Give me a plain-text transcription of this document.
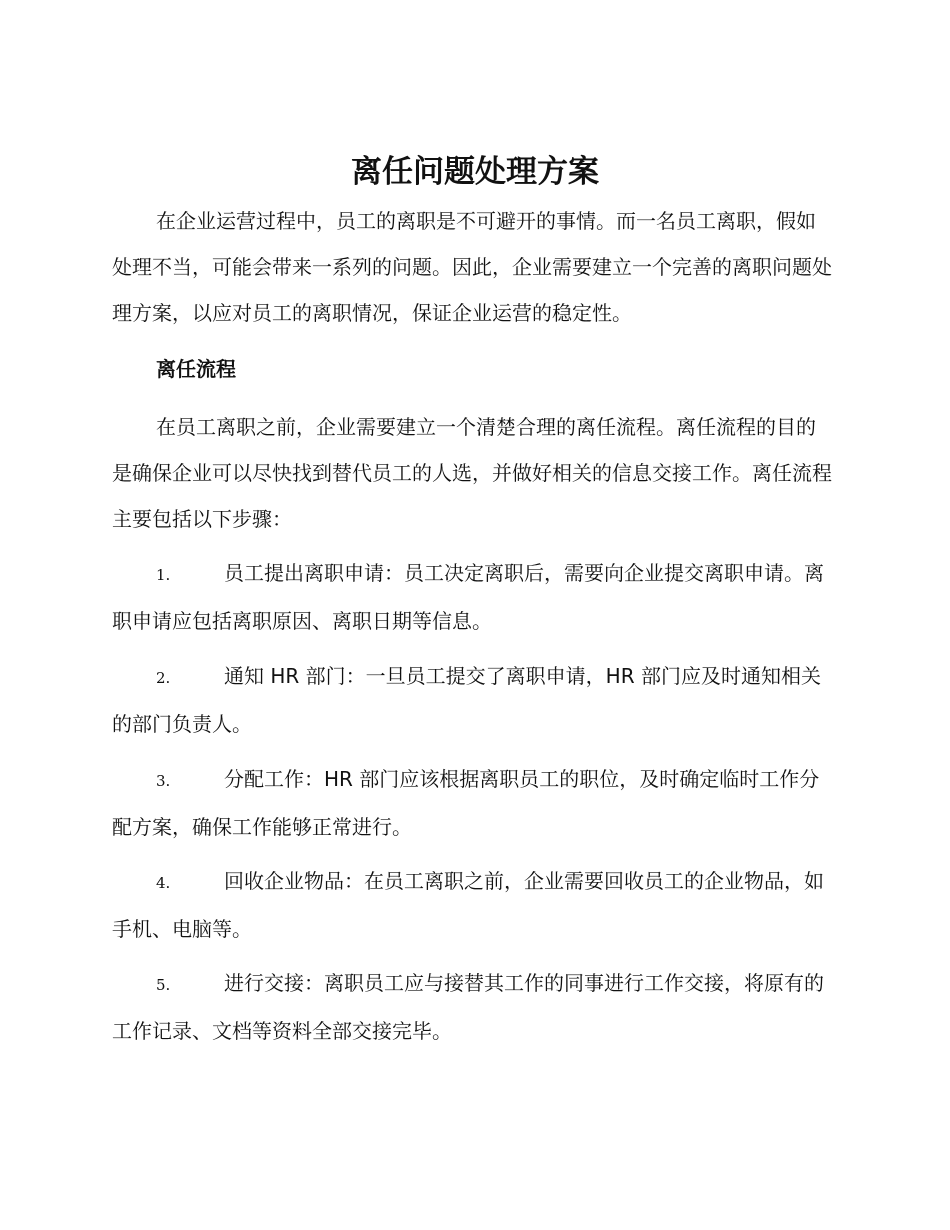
离任问题处理方案

在企业运营过程中，员工的离职是不可避开的事情。而一名员工离职，假如处理不当，可能会带来一系列的问题。因此，企业需要建立一个完善的离职问题处理方案，以应对员工的离职情况，保证企业运营的稳定性。

离任流程

在员工离职之前，企业需要建立一个清楚合理的离任流程。离任流程的目的是确保企业可以尽快找到替代员工的人选，并做好相关的信息交接工作。离任流程主要包括以下步骤：

1.	员工提出离职申请：员工决定离职后，需要向企业提交离职申请。离职申请应包括离职原因、离职日期等信息。

2.	通知 HR 部门：一旦员工提交了离职申请，HR 部门应及时通知相关的部门负责人。

3.	分配工作：HR 部门应该根据离职员工的职位，及时确定临时工作分配方案，确保工作能够正常进行。

4.	回收企业物品：在员工离职之前，企业需要回收员工的企业物品，如手机、电脑等。

5.	进行交接：离职员工应与接替其工作的同事进行工作交接，将原有的工作记录、文档等资料全部交接完毕。
